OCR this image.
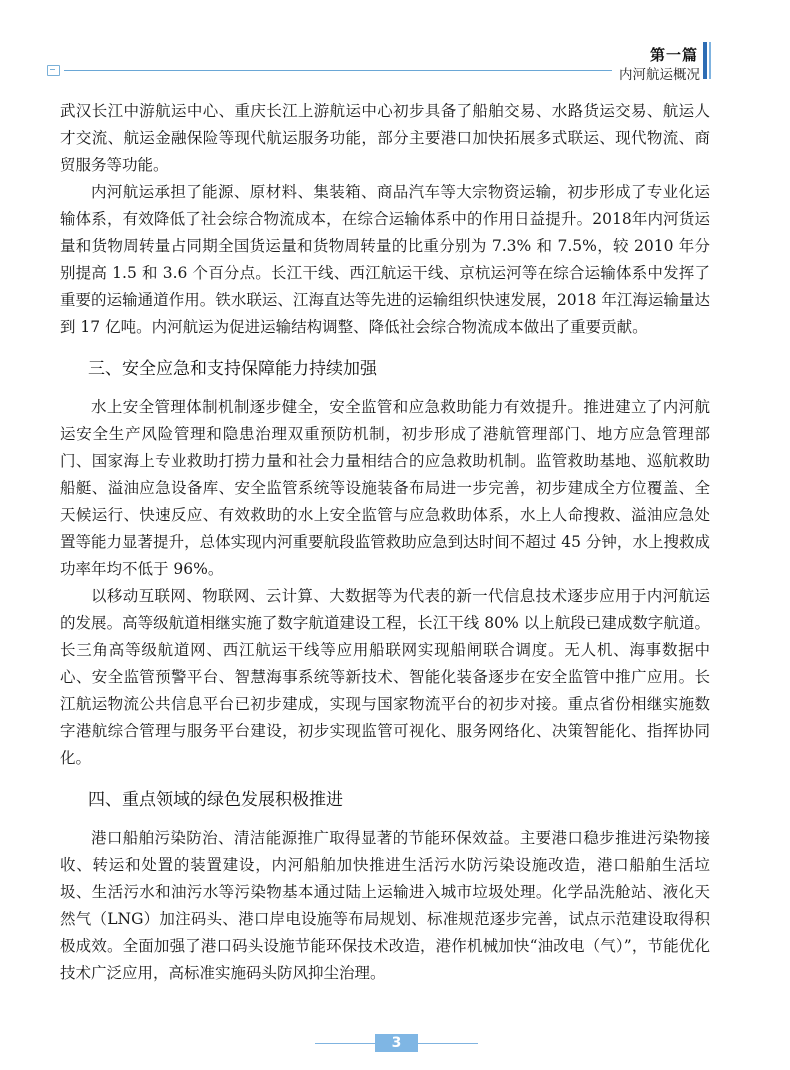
第一篇
内河航运概况

武汉长江中游航运中心、重庆长江上游航运中心初步具备了船舶交易、水路货运交易、航运人才交流、航运金融保险等现代航运服务功能，部分主要港口加快拓展多式联运、现代物流、商贸服务等功能。

内河航运承担了能源、原材料、集装箱、商品汽车等大宗物资运输，初步形成了专业化运输体系，有效降低了社会综合物流成本，在综合运输体系中的作用日益提升。2018年内河货运量和货物周转量占同期全国货运量和货物周转量的比重分别为 7.3% 和 7.5%，较 2010 年分别提高 1.5 和 3.6 个百分点。长江干线、西江航运干线、京杭运河等在综合运输体系中发挥了重要的运输通道作用。铁水联运、江海直达等先进的运输组织快速发展，2018 年江海运输量达到 17 亿吨。内河航运为促进运输结构调整、降低社会综合物流成本做出了重要贡献。

三、安全应急和支持保障能力持续加强

水上安全管理体制机制逐步健全，安全监管和应急救助能力有效提升。推进建立了内河航运安全生产风险管理和隐患治理双重预防机制，初步形成了港航管理部门、地方应急管理部门、国家海上专业救助打捞力量和社会力量相结合的应急救助机制。监管救助基地、巡航救助船艇、溢油应急设备库、安全监管系统等设施装备布局进一步完善，初步建成全方位覆盖、全天候运行、快速反应、有效救助的水上安全监管与应急救助体系，水上人命搜救、溢油应急处置等能力显著提升，总体实现内河重要航段监管救助应急到达时间不超过 45 分钟，水上搜救成功率年均不低于 96%。

以移动互联网、物联网、云计算、大数据等为代表的新一代信息技术逐步应用于内河航运的发展。高等级航道相继实施了数字航道建设工程，长江干线 80% 以上航段已建成数字航道。长三角高等级航道网、西江航运干线等应用船联网实现船闸联合调度。无人机、海事数据中心、安全监管预警平台、智慧海事系统等新技术、智能化装备逐步在安全监管中推广应用。长江航运物流公共信息平台已初步建成，实现与国家物流平台的初步对接。重点省份相继实施数字港航综合管理与服务平台建设，初步实现监管可视化、服务网络化、决策智能化、指挥协同化。

四、重点领域的绿色发展积极推进

港口船舶污染防治、清洁能源推广取得显著的节能环保效益。主要港口稳步推进污染物接收、转运和处置的装置建设，内河船舶加快推进生活污水防污染设施改造，港口船舶生活垃圾、生活污水和油污水等污染物基本通过陆上运输进入城市垃圾处理。化学品洗舱站、液化天然气（LNG）加注码头、港口岸电设施等布局规划、标准规范逐步完善，试点示范建设取得积极成效。全面加强了港口码头设施节能环保技术改造，港作机械加快“油改电（气）”，节能优化技术广泛应用，高标准实施码头防风抑尘治理。

3
